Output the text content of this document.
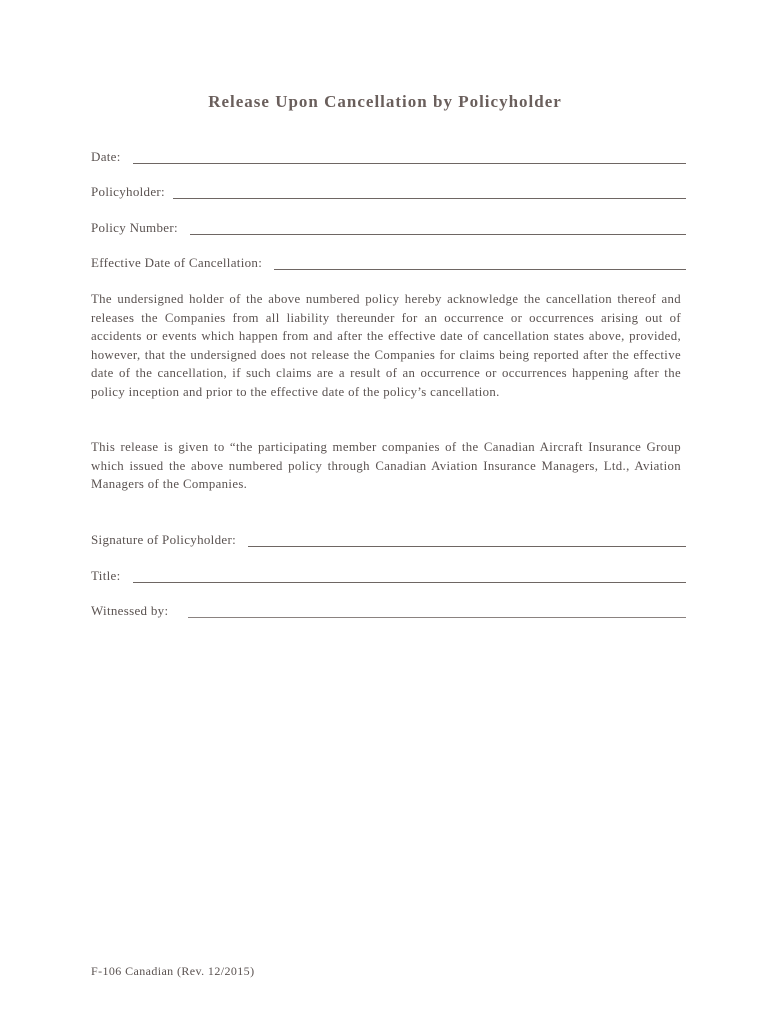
Release Upon Cancellation by Policyholder
Date:
Policyholder:
Policy Number:
Effective Date of Cancellation:

The undersigned holder of the above numbered policy hereby acknowledge the cancellation thereof and releases the Companies from all liability thereunder for an occurrence or occurrences arising out of accidents or events which happen from and after the effective date of cancellation states above, provided, however, that the undersigned does not release the Companies for claims being reported after the effective date of the cancellation, if such claims are a result of an occurrence or occurrences happening after the policy inception and prior to the effective date of the policy’s cancellation.

This release is given to “the participating member companies of the Canadian Aircraft Insurance Group which issued the above numbered policy through Canadian Aviation Insurance Managers, Ltd., Aviation Managers of the Companies.

Signature of Policyholder:
Title:
Witnessed by:
F-106 Canadian (Rev. 12/2015)
